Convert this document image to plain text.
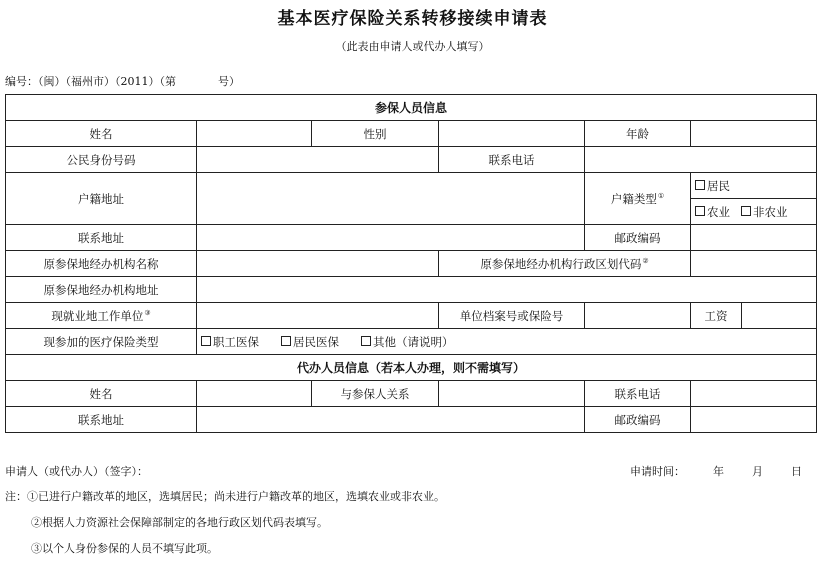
基本医疗保险关系转移接续申请表
（此表由申请人或代办人填写）
编号：（闽）（福州市）（2011）（第            号）
参保人员信息						
姓名		性别		年龄		
公民身份号码			联系电话			
户籍地址				户籍类型①	居民	
					农业 非农业	
联系地址				邮政编码		
原参保地经办机构名称			原参保地经办机构行政区划代码②	
原参保地经办机构地址						
现就业地工作单位③			单位档案号或保险号		工资	
现参加的医疗保险类型	职工医保 居民医保 其他（请说明）					
代办人员信息（若本人办理，则不需填写）						
姓名		与参保人关系		联系电话		
联系地址				邮政编码		
申请人（或代办人）（签字）：	申请时间：	年	月	日
注：①已进行户籍改革的地区，选填居民；尚未进行户籍改革的地区，选填农业或非农业。
②根据人力资源社会保障部制定的各地行政区划代码表填写。
③以个人身份参保的人员不填写此项。
